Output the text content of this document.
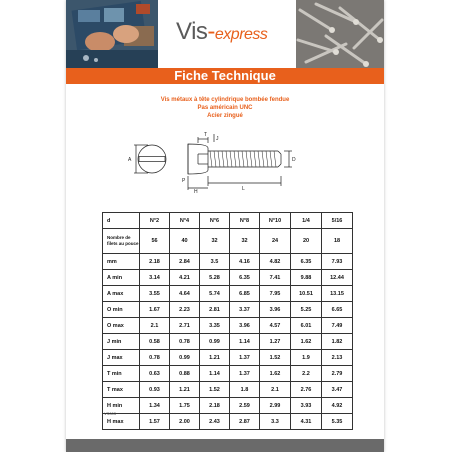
Vis-express
Fiche Technique
Vis métaux à tête cylindrique bombée fendue
Pas américain UNC
Acier zingué
A
T
J
D
P
H	L
d	N°2	N°4	N°6	N°8	N°10	1/4	5/16
Nombre de filets au pouce	56	40	32	32	24	20	18
mm	2.18	2.84	3.5	4.16	4.82	6.35	7.93
A min	3.14	4.21	5.28	6.35	7.41	9.88	12.44
A max	3.55	4.64	5.74	6.85	7.95	10.51	13.15
O min	1.67	2.23	2.81	3.37	3.96	5.25	6.65
O max	2.1	2.71	3.35	3.96	4.57	6.01	7.49
J min	0.58	0.78	0.99	1.14	1.27	1.62	1.82
J max	0.78	0.99	1.21	1.37	1.52	1.9	2.13
T min	0.63	0.88	1.14	1.37	1.62	2.2	2.79
T max	0.93	1.21	1.52	1.8	2.1	2.76	3.47
H min	1.34	1.75	2.18	2.59	2.99	3.93	4.92
H max	1.57	2.00	2.43	2.87	3.3	4.31	5.35
VS003
